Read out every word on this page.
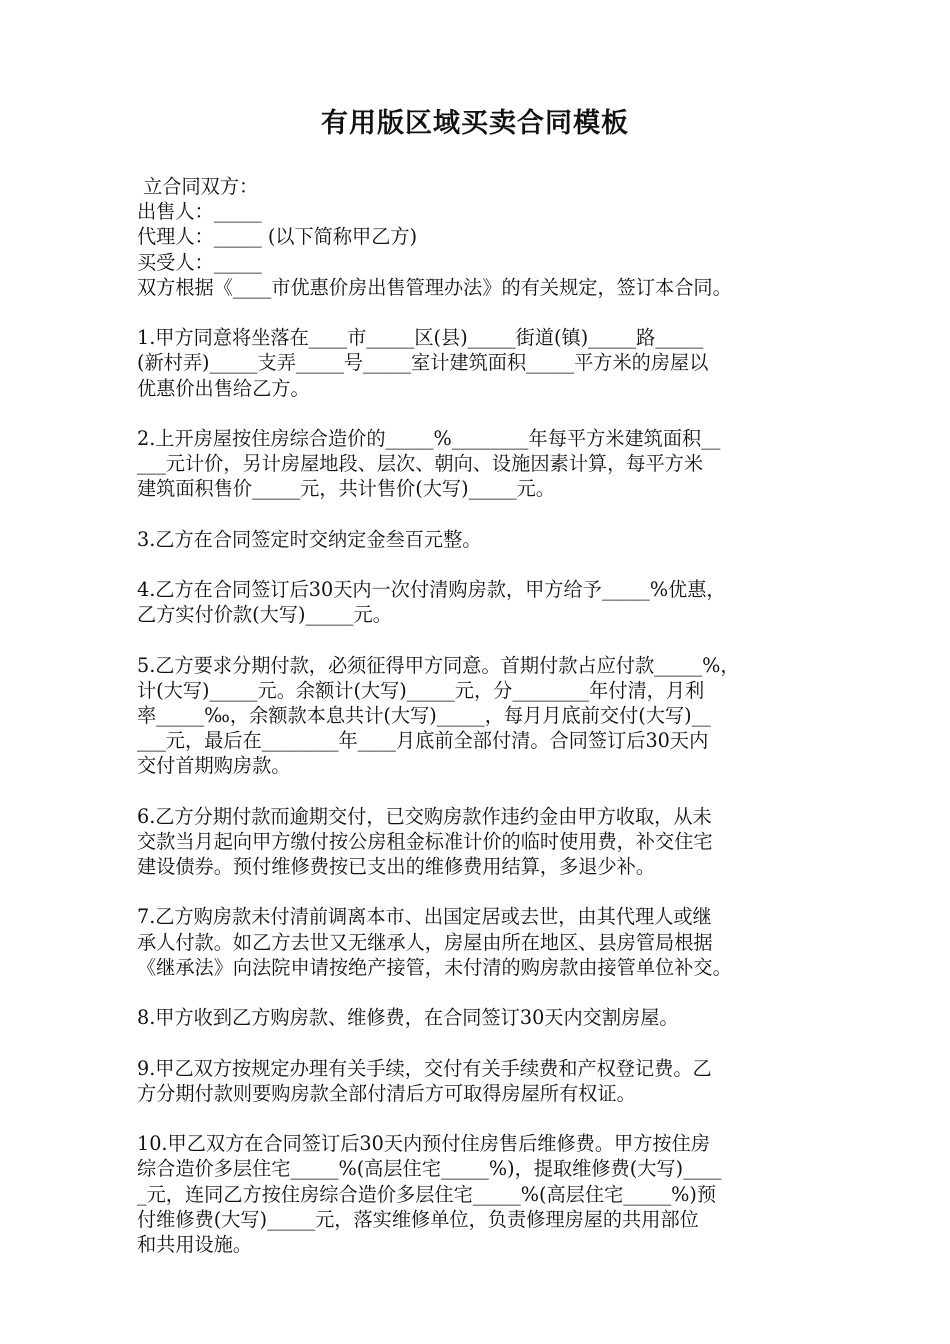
有用版区域买卖合同模板
立合同双方：
出售人：_____
代理人：_____ (以下简称甲乙方)
买受人：_____
双方根据《____市优惠价房出售管理办法》的有关规定，签订本合同。
1.甲方同意将坐落在____市_____区(县)_____街道(镇)_____路_____
(新村弄)_____支弄_____号_____室计建筑面积_____平方米的房屋以
优惠价出售给乙方。
2.上开房屋按住房综合造价的_____%________年每平方米建筑面积__
___元计价，另计房屋地段、层次、朝向、设施因素计算，每平方米
建筑面积售价_____元，共计售价(大写)_____元。
3.乙方在合同签定时交纳定金叁百元整。
4.乙方在合同签订后30天内一次付清购房款，甲方给予_____%优惠，
乙方实付价款(大写)_____元。
5.乙方要求分期付款，必须征得甲方同意。首期付款占应付款_____%，
计(大写)_____元。余额计(大写)_____元，分________年付清，月利
率_____‰，余额款本息共计(大写)_____，每月月底前交付(大写)__
___元，最后在________年____月底前全部付清。合同签订后30天内
交付首期购房款。
6.乙方分期付款而逾期交付，已交购房款作违约金由甲方收取，从未
交款当月起向甲方缴付按公房租金标准计价的临时使用费，补交住宅
建设债券。预付维修费按已支出的维修费用结算，多退少补。
7.乙方购房款未付清前调离本市、出国定居或去世，由其代理人或继
承人付款。如乙方去世又无继承人，房屋由所在地区、县房管局根据
《继承法》向法院申请按绝产接管，未付清的购房款由接管单位补交。
8.甲方收到乙方购房款、维修费，在合同签订30天内交割房屋。
9.甲乙双方按规定办理有关手续，交付有关手续费和产权登记费。乙
方分期付款则要购房款全部付清后方可取得房屋所有权证。
10.甲乙双方在合同签订后30天内预付住房售后维修费。甲方按住房
综合造价多层住宅_____%(高层住宅_____%)，提取维修费(大写)____
_元，连同乙方按住房综合造价多层住宅_____%(高层住宅_____%)预
付维修费(大写)_____元，落实维修单位，负责修理房屋的共用部位
和共用设施。
